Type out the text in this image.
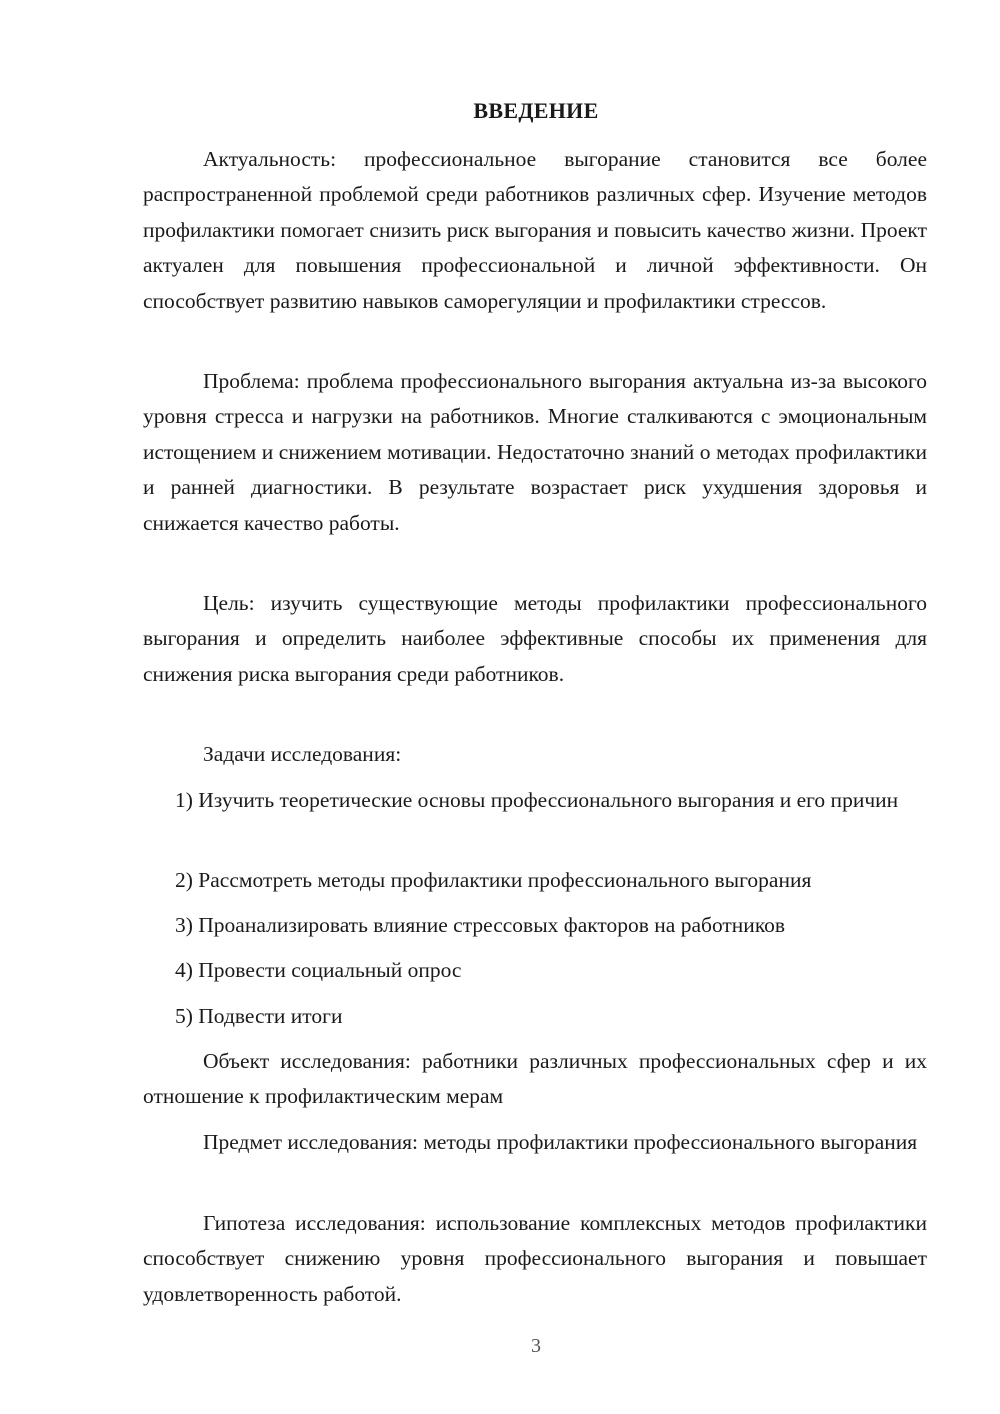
ВВЕДЕНИЕ
Актуальность: профессиональное выгорание становится все более распространенной проблемой среди работников различных сфер. Изучение методов профилактики помогает снизить риск выгорания и повысить качество жизни. Проект актуален для повышения профессиональной и личной эффективности. Он способствует развитию навыков саморегуляции и профилактики стрессов.
Проблема: проблема профессионального выгорания актуальна из-за высокого уровня стресса и нагрузки на работников. Многие сталкиваются с эмоциональным истощением и снижением мотивации. Недостаточно знаний о методах профилактики и ранней диагностики. В результате возрастает риск ухудшения здоровья и снижается качество работы.
Цель: изучить существующие методы профилактики профессионального выгорания и определить наиболее эффективные способы их применения для снижения риска выгорания среди работников.
Задачи исследования:
1) Изучить теоретические основы профессионального выгорания и его причин
2) Рассмотреть методы профилактики профессионального выгорания
3) Проанализировать влияние стрессовых факторов на работников
4) Провести социальный опрос
5) Подвести итоги
Объект исследования: работники различных профессиональных сфер и их отношение к профилактическим мерам
Предмет исследования: методы профилактики профессионального выгорания
Гипотеза исследования: использование комплексных методов профилактики способствует снижению уровня профессионального выгорания и повышает удовлетворенность работой.
3
